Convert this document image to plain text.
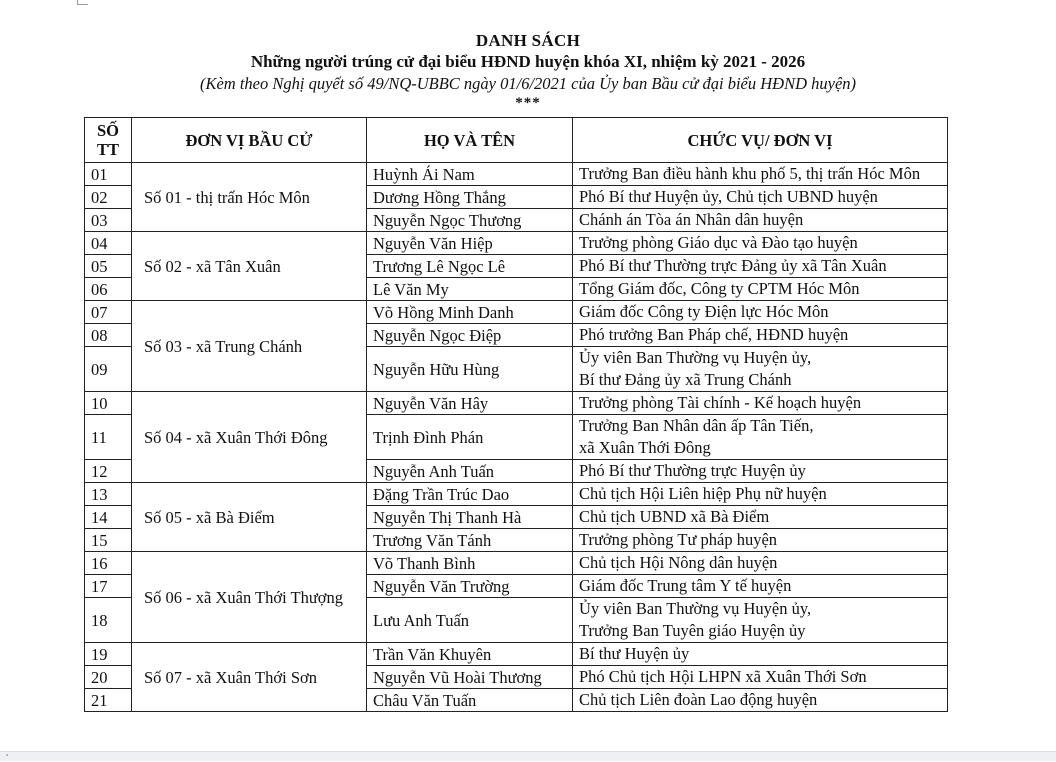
DANH SÁCH
Những người trúng cử đại biểu HĐND huyện khóa XI, nhiệm kỳ 2021 - 2026
(Kèm theo Nghị quyết số 49/NQ-UBBC ngày 01/6/2021 của Ủy ban Bầu cử đại biểu HĐND huyện)
***
SỐ
TT	ĐƠN VỊ BẦU CỬ	HỌ VÀ TÊN	CHỨC VỤ/ ĐƠN VỊ
01	Số 01 - thị trấn Hóc Môn	Huỳnh Ái Nam	Trưởng Ban điều hành khu phố 5, thị trấn Hóc Môn

02		Dương Hồng Thắng	Phó Bí thư Huyện ủy, Chủ tịch UBND huyện

03		Nguyễn Ngọc Thương	Chánh án Tòa án Nhân dân huyện

04	Số 02 - xã Tân Xuân	Nguyễn Văn Hiệp	Trưởng phòng Giáo dục và Đào tạo huyện

05		Trương Lê Ngọc Lê	Phó Bí thư Thường trực Đảng ủy xã Tân Xuân

06		Lê Văn My	Tổng Giám đốc, Công ty CPTM Hóc Môn

07	Số 03 - xã Trung Chánh	Võ Hồng Minh Danh	Giám đốc Công ty Điện lực Hóc Môn

08		Nguyễn Ngọc Điệp	Phó trưởng Ban Pháp chế, HĐND huyện

09		Nguyễn Hữu Hùng	Ủy viên Ban Thường vụ Huyện ủy,
Bí thư Đảng ủy xã Trung Chánh

10	Số 04 - xã Xuân Thới Đông	Nguyễn Văn Hây	Trưởng phòng Tài chính - Kế hoạch huyện

11		Trịnh Đình Phán	Trưởng Ban Nhân dân ấp Tân Tiến,
xã Xuân Thới Đông

12		Nguyễn Anh Tuấn	Phó Bí thư Thường trực Huyện ủy

13	Số 05 - xã Bà Điểm	Đặng Trần Trúc Dao	Chủ tịch Hội Liên hiệp Phụ nữ huyện

14		Nguyễn Thị Thanh Hà	Chủ tịch UBND xã Bà Điểm

15		Trương Văn Tánh	Trưởng phòng Tư pháp huyện

16	Số 06 - xã Xuân Thới Thượng	Võ Thanh Bình	Chủ tịch Hội Nông dân huyện

17		Nguyễn Văn Trường	Giám đốc Trung tâm Y tế huyện

18		Lưu Anh Tuấn	Ủy viên Ban Thường vụ Huyện ủy,
Trưởng Ban Tuyên giáo Huyện ủy

19	Số 07 - xã Xuân Thới Sơn	Trần Văn Khuyên	Bí thư Huyện ủy

20		Nguyễn Vũ Hoài Thương	Phó Chủ tịch Hội LHPN xã Xuân Thới Sơn

21		Châu Văn Tuấn	Chủ tịch Liên đoàn Lao động huyện
'
